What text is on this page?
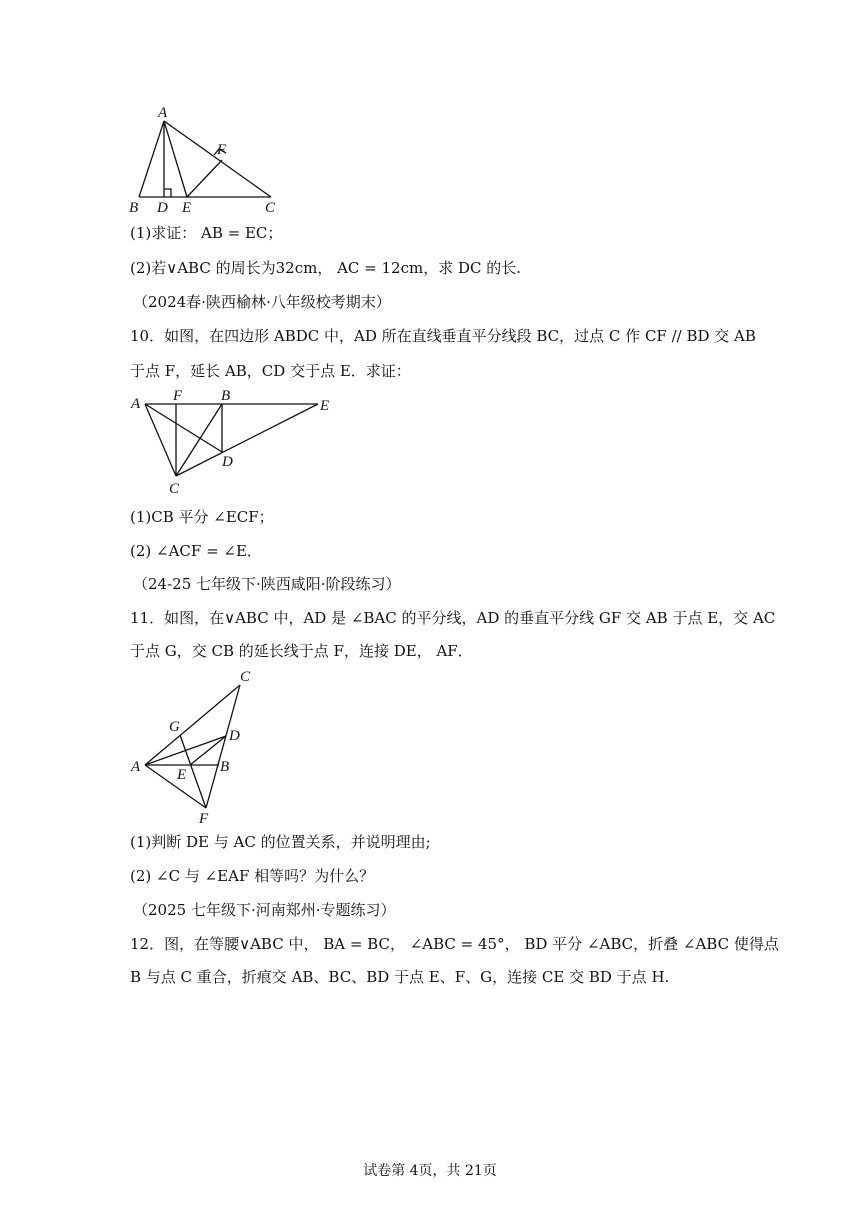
A
F
B D E	C
(1)求证： AB = EC；
(2)若∨ABC 的周长为32cm， AC = 12cm，求 DC 的长.
（2024春·陕西榆林·八年级校考期末）
10．如图，在四边形 ABDC 中，AD 所在直线垂直平分线段 BC，过点 C 作 CF // BD 交 AB
于点 F，延长 AB，CD 交于点 E．求证：
A F	B
E
D
C
(1)CB 平分 ∠ECF；
(2) ∠ACF = ∠E．
（24-25 七年级下·陕西咸阳·阶段练习）
11．如图，在∨ABC 中，AD 是 ∠BAC 的平分线，AD 的垂直平分线 GF 交 AB 于点 E，交 AC
于点 G，交 CB 的延长线于点 F，连接 DE， AF．
C
G
D
A E B
F
(1)判断 DE 与 AC 的位置关系，并说明理由;
(2) ∠C 与 ∠EAF 相等吗？为什么？
（2025 七年级下·河南郑州·专题练习）
12．图，在等腰∨ABC 中， BA = BC， ∠ABC = 45°， BD 平分 ∠ABC，折叠 ∠ABC 使得点
B 与点 C 重合，折痕交 AB、BC、BD 于点 E、F、G，连接 CE 交 BD 于点 H.
试卷第 4页，共 21页
